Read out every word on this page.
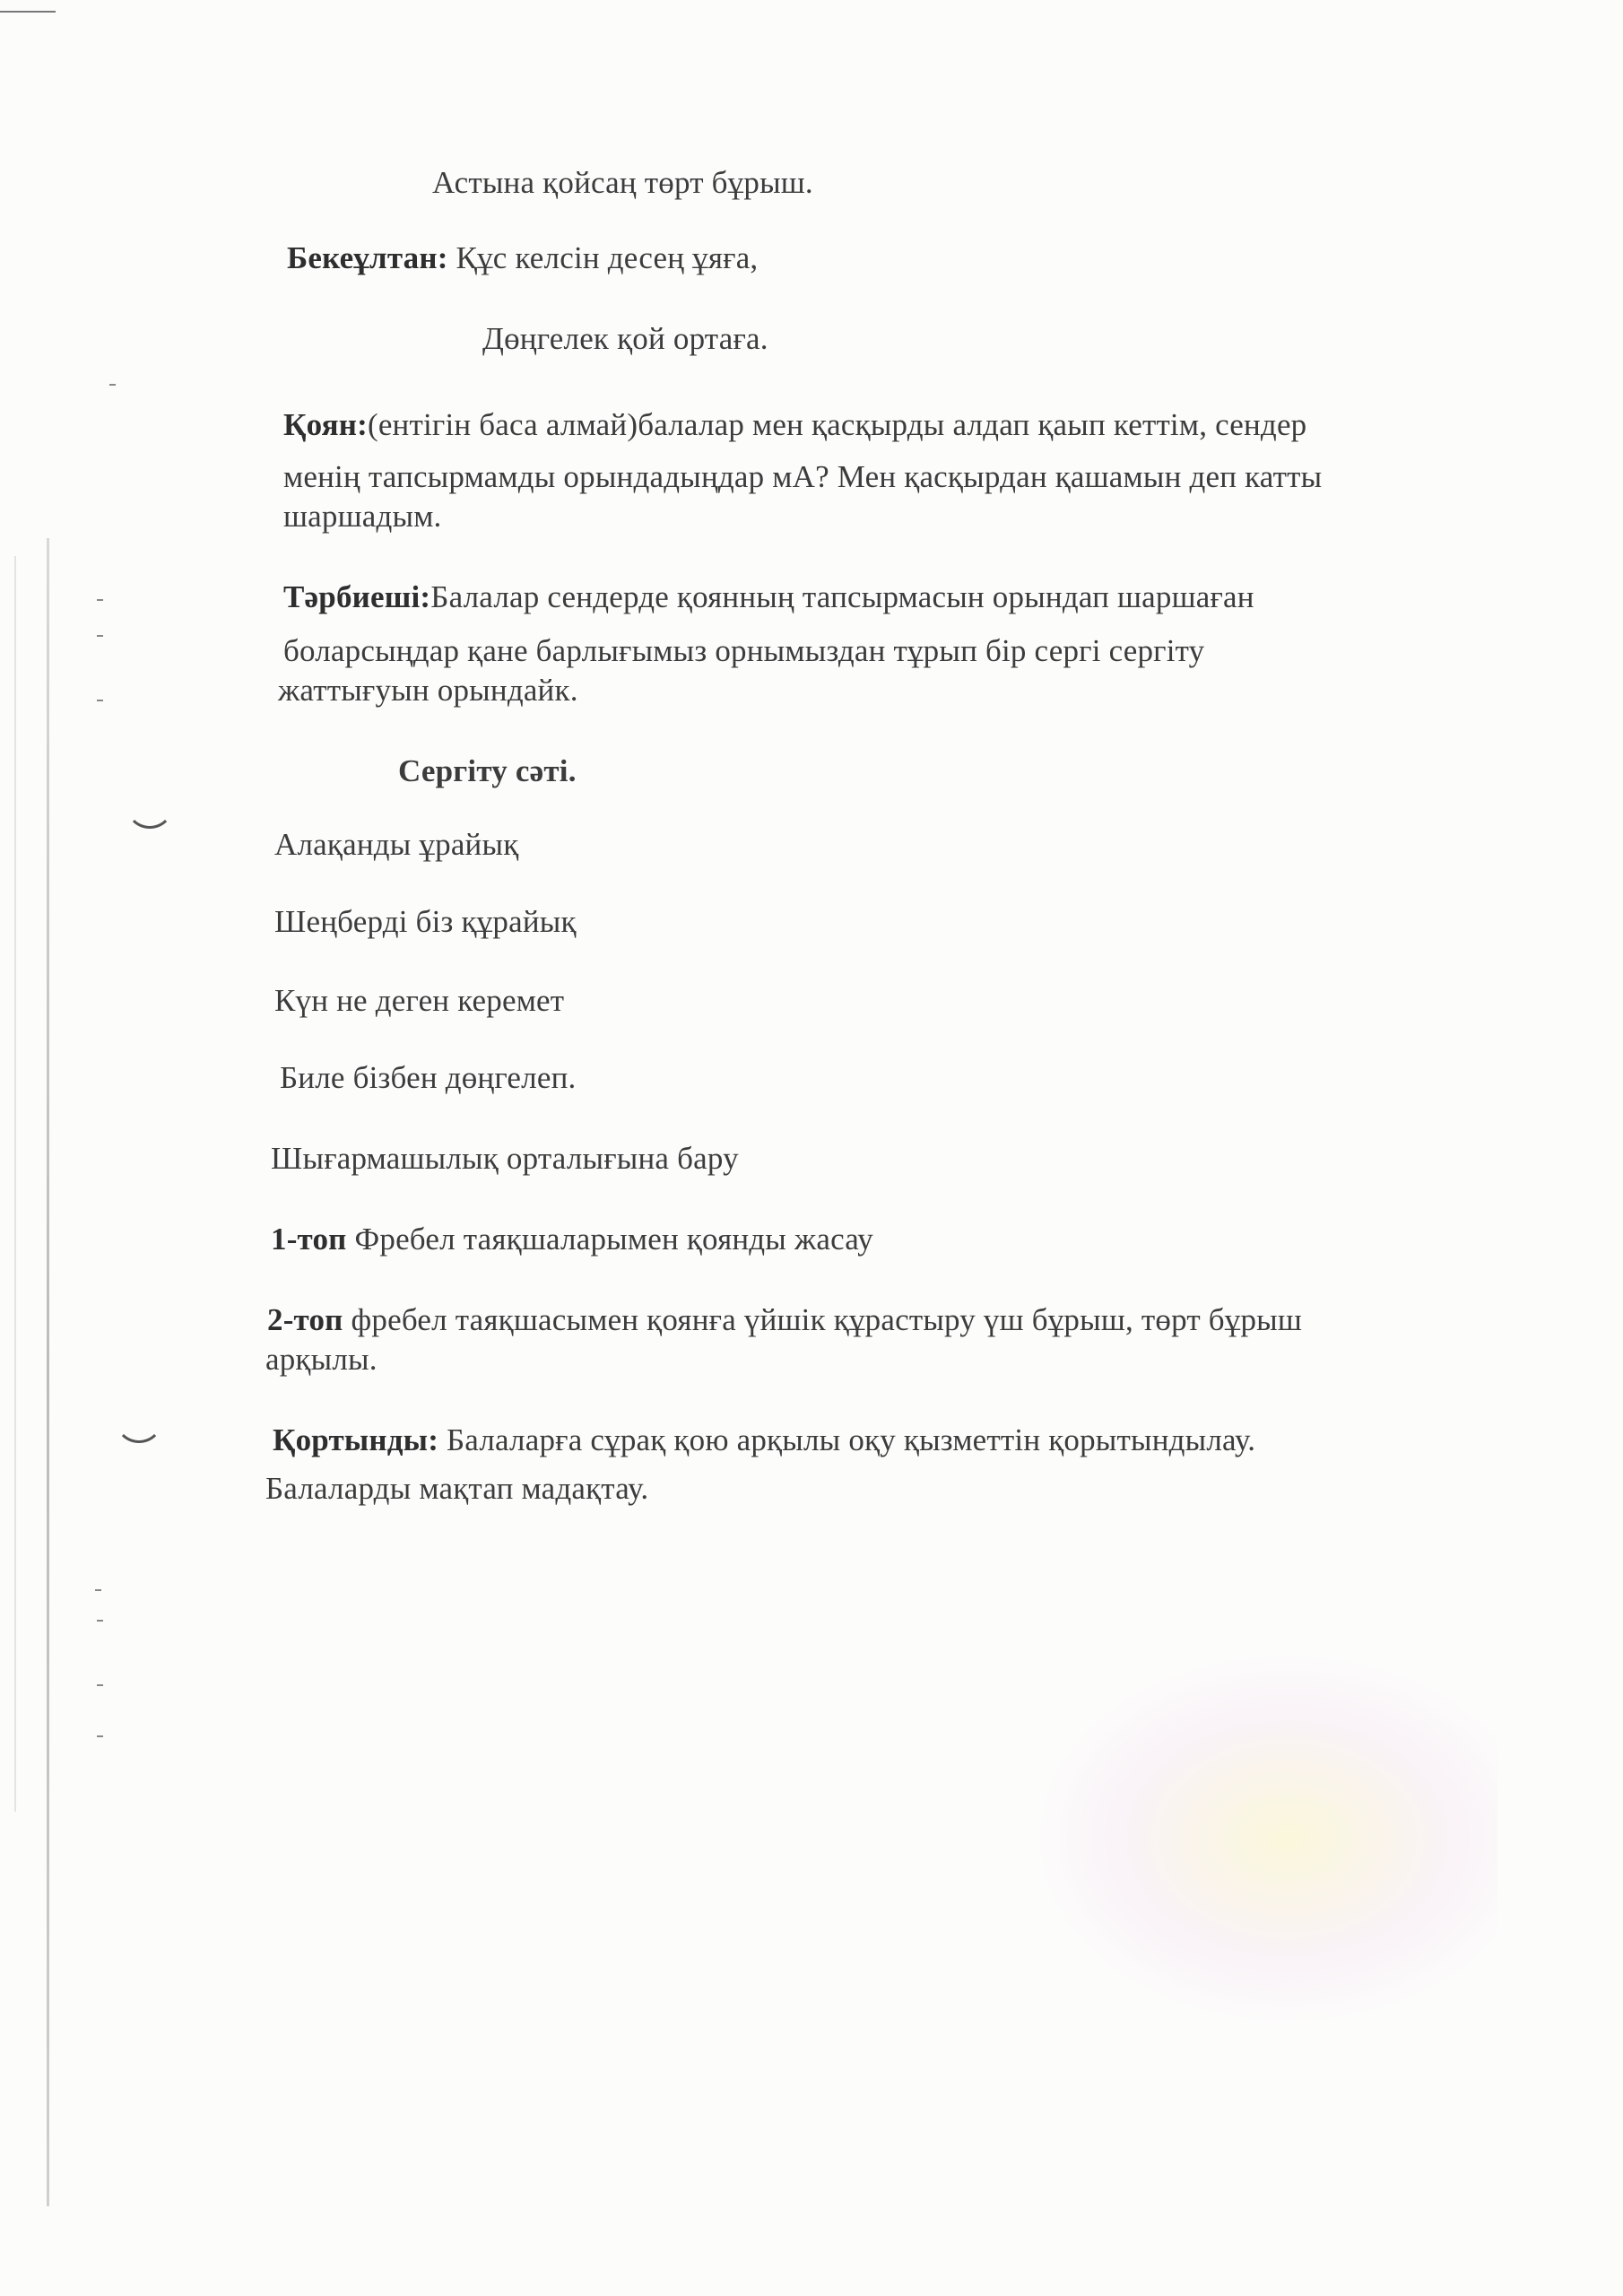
Астына қойсаң төрт бұрыш.
Бекеұлтан: Құс келсін десең ұяға,
Дөңгелек қой ортаға.
Қоян:(ентігін баса алмай)балалар мен қасқырды алдап қаып кеттім, сендер
менің тапсырмамды орындадыңдар мА? Мен қасқырдан қашамын деп катты
шаршадым.
Тәрбиеші:Балалар сендерде қоянның тапсырмасын орындап шаршаған
боларсыңдар қане барлығымыз орнымыздан тұрып бір сергі сергіту
жаттығуын орындайк.
Сергіту сәті.
Алақанды ұрайық
Шеңберді біз құрайық
Күн не деген керемет
Биле бізбен дөңгелеп.
Шығармашылық орталығына бару
1-топ Фребел таяқшаларымен қоянды жасау
2-топ фребел таяқшасымен қоянға үйшік құрастыру үш бұрыш, төрт бұрыш
арқылы.
Қортынды: Балаларға сұрақ қою арқылы оқу қызметтін қорытындылау.
Балаларды мақтап мадақтау.
